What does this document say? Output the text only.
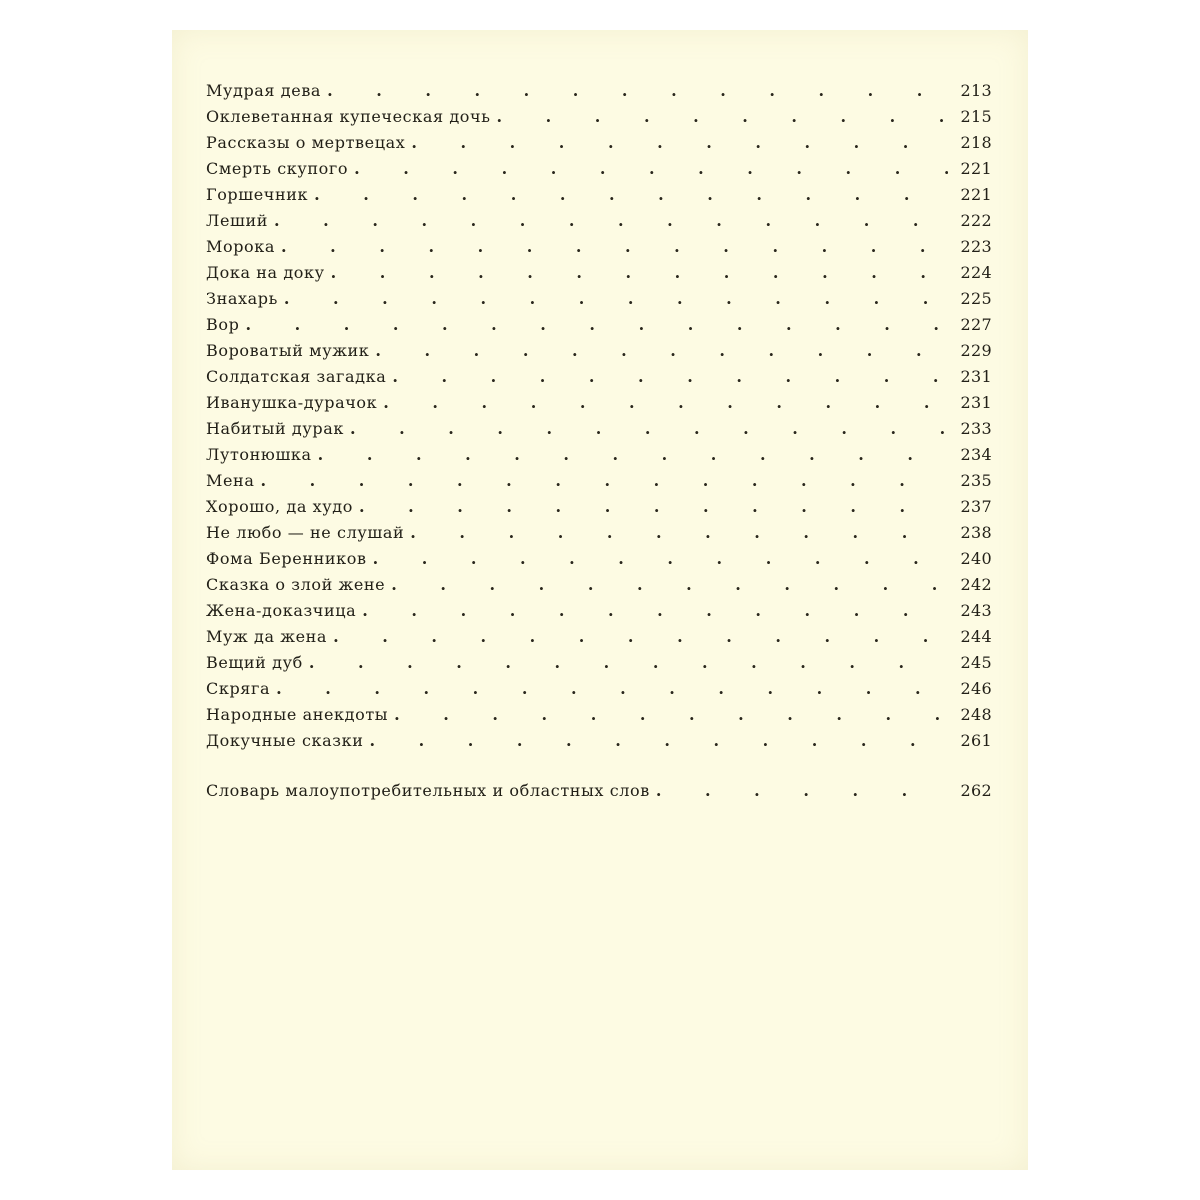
Мудрая дева . . .	213
Оклеветанная купеческая дочь . . .	215
Рассказы о мертвецах . . .	218
Смерть скупого . . .	221
Горшечник . . .	221
Леший . . .	222
Морока . . .	223
Дока на доку . . .	224
Знахарь . . .	225
Вор . . .	227
Вороватый мужик . . .	229
Солдатская загадка . . .	231
Иванушка-дурачок . . .	231
Набитый дурак . . .	233
Лутонюшка . . .	234
Мена . . .	235
Хорошо, да худо . . .	237
Не любо — не слушай . . .	238
Фома Беренников . . .	240
Сказка о злой жене . . .	242
Жена-доказчица . . .	243
Муж да жена . . .	244
Вещий дуб . . .	245
Скряга . . .	246
Народные анекдоты . . .	248
Докучные сказки . . .	261
Словарь малоупотребительных и областных слов . . .	262
